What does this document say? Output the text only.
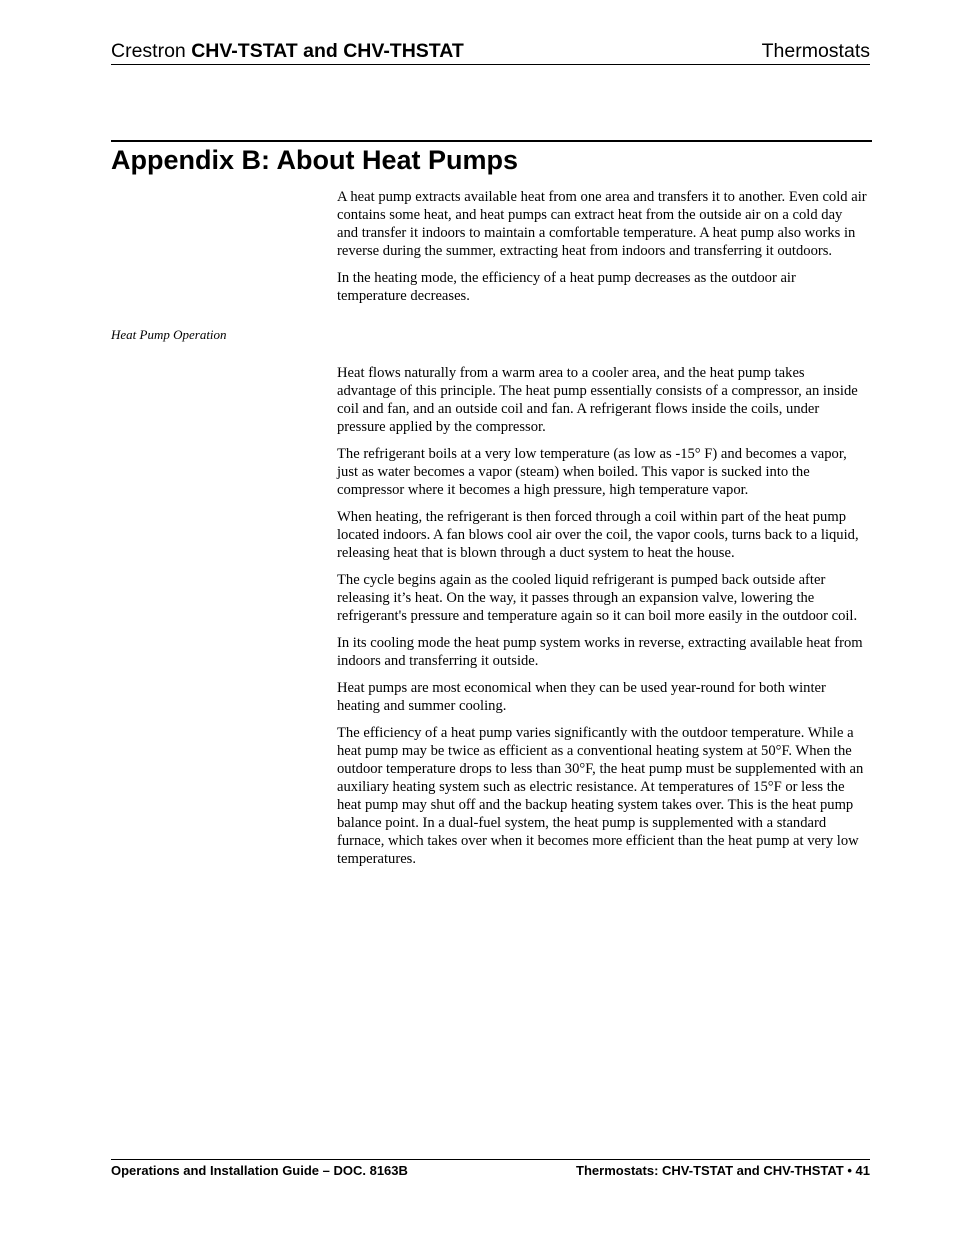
Crestron CHV-TSTAT and CHV-THSTAT	Thermostats
Appendix B: About Heat Pumps

A heat pump extracts available heat from one area and transfers it to another. Even cold air contains some heat, and heat pumps can extract heat from the outside air on a cold day and transfer it indoors to maintain a comfortable temperature. A heat pump also works in reverse during the summer, extracting heat from indoors and transferring it outdoors.

In the heating mode, the efficiency of a heat pump decreases as the outdoor air temperature decreases.

Heat Pump Operation

Heat flows naturally from a warm area to a cooler area, and the heat pump takes advantage of this principle. The heat pump essentially consists of a compressor, an inside coil and fan, and an outside coil and fan. A refrigerant flows inside the coils, under pressure applied by the compressor.

The refrigerant boils at a very low temperature (as low as -15° F) and becomes a vapor, just as water becomes a vapor (steam) when boiled. This vapor is sucked into the compressor where it becomes a high pressure, high temperature vapor.

When heating, the refrigerant is then forced through a coil within part of the heat pump located indoors. A fan blows cool air over the coil, the vapor cools, turns back to a liquid, releasing heat that is blown through a duct system to heat the house.

The cycle begins again as the cooled liquid refrigerant is pumped back outside after releasing it’s heat. On the way, it passes through an expansion valve, lowering the refrigerant's pressure and temperature again so it can boil more easily in the outdoor coil.

In its cooling mode the heat pump system works in reverse, extracting available heat from indoors and transferring it outside.

Heat pumps are most economical when they can be used year-round for both winter heating and summer cooling.

The efficiency of a heat pump varies significantly with the outdoor temperature. While a heat pump may be twice as efficient as a conventional heating system at 50°F. When the outdoor temperature drops to less than 30°F, the heat pump must be supplemented with an auxiliary heating system such as electric resistance. At temperatures of 15°F or less the heat pump may shut off and the backup heating system takes over. This is the heat pump balance point. In a dual-fuel system, the heat pump is supplemented with a standard furnace, which takes over when it becomes more efficient than the heat pump at very low temperatures.

Operations and Installation Guide – DOC. 8163B	Thermostats: CHV-TSTAT and CHV-THSTAT • 41
